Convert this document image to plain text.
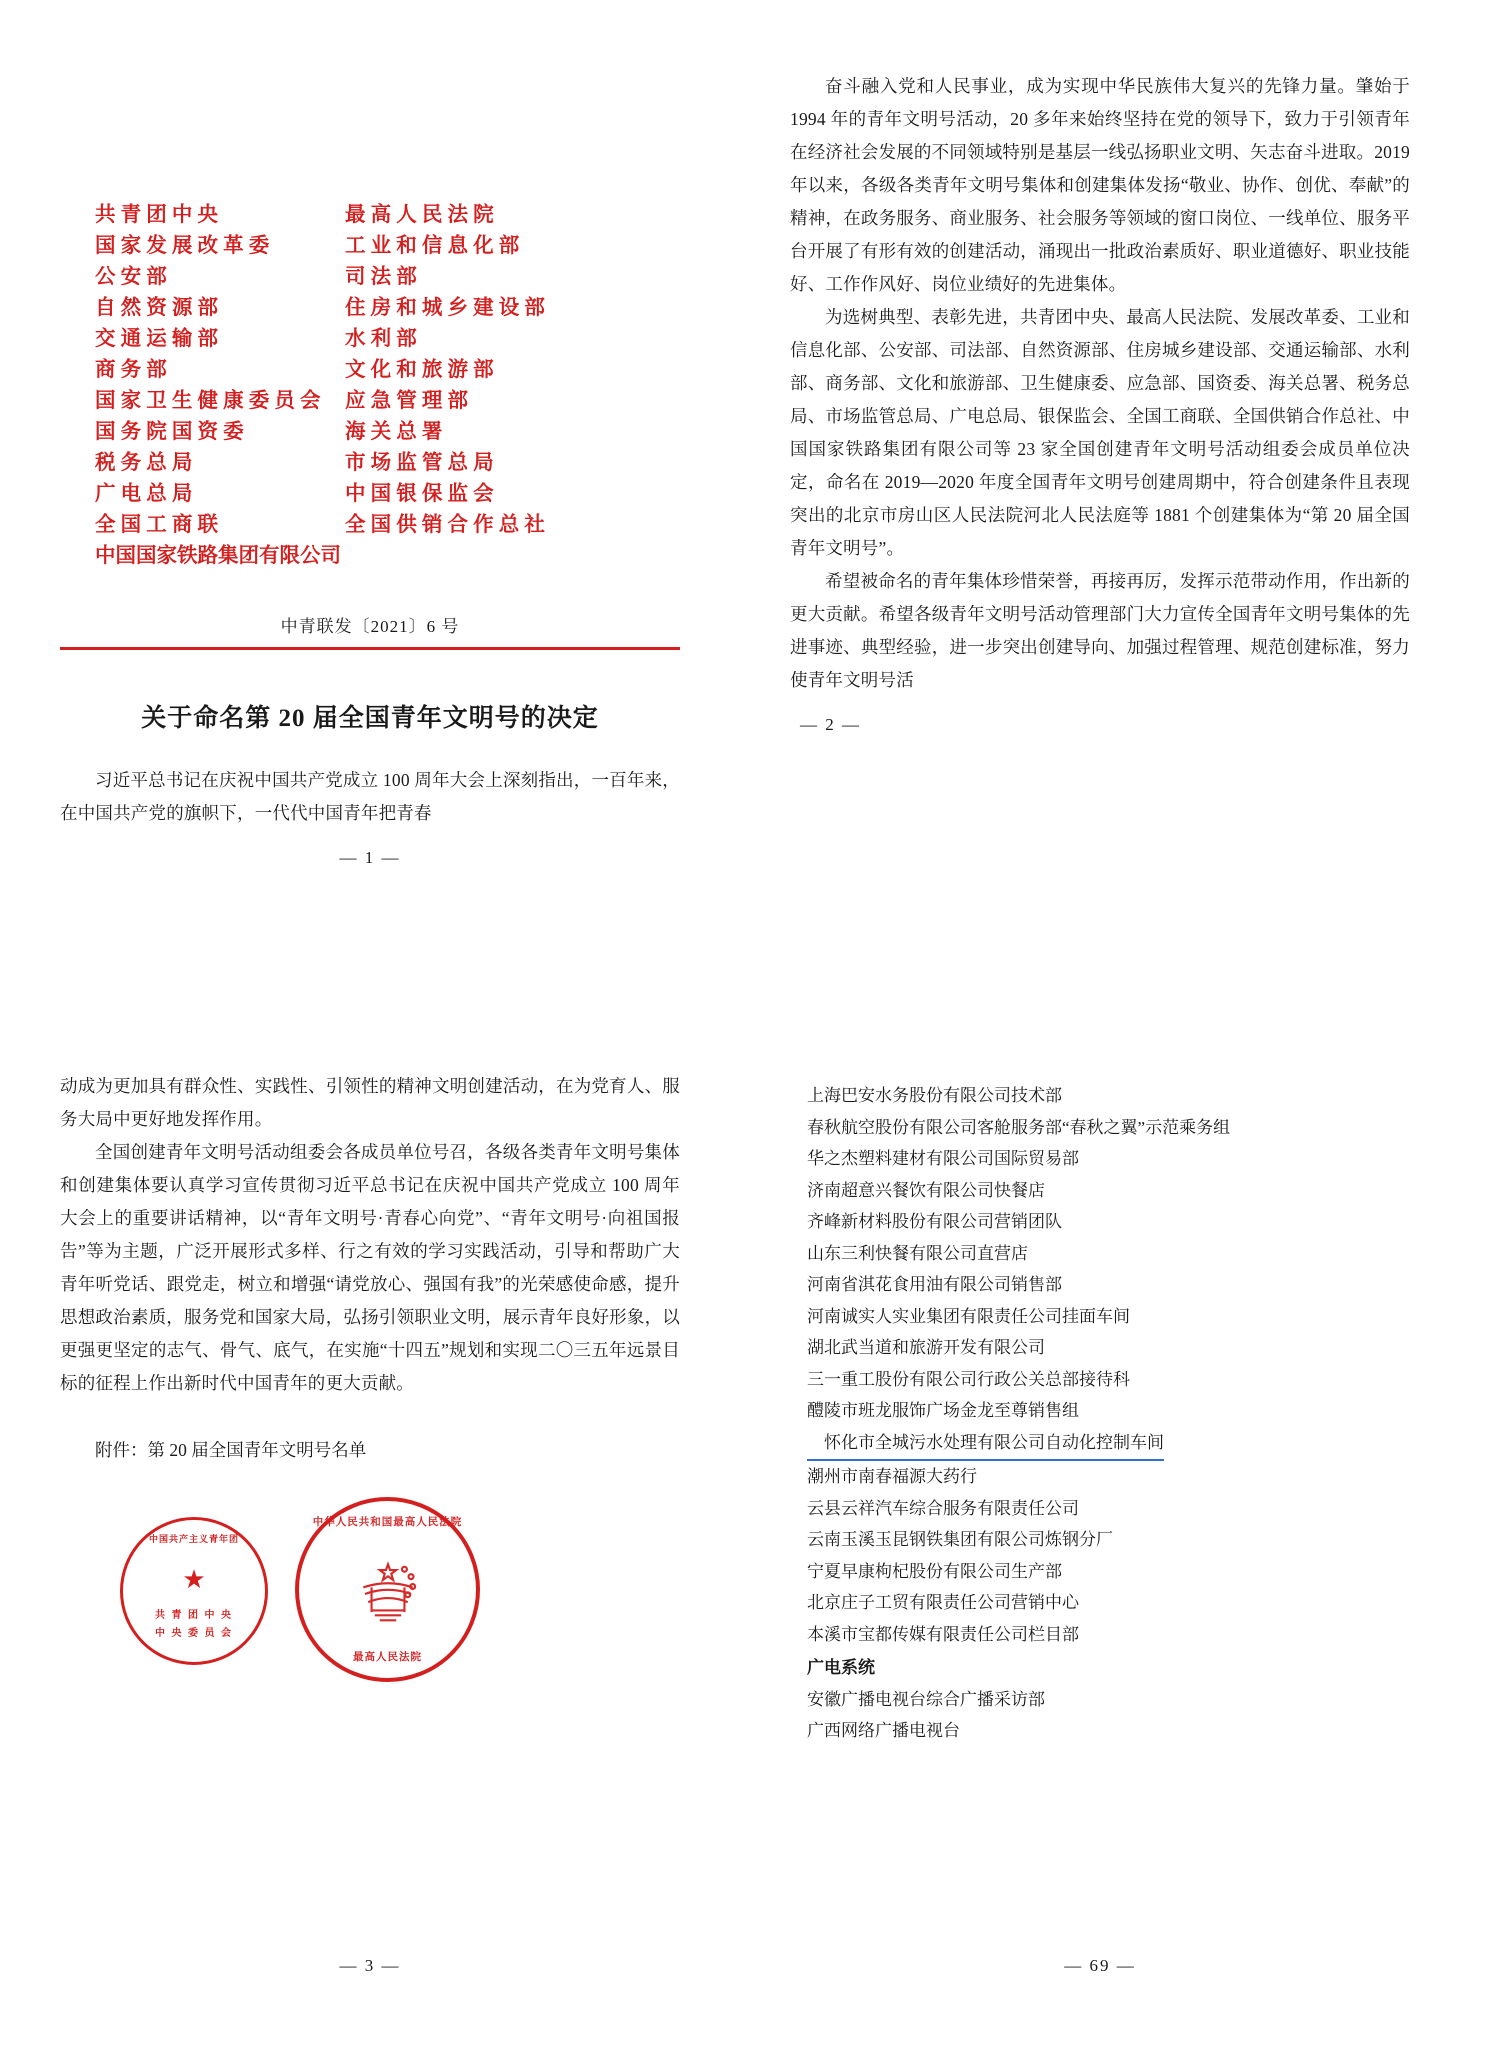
共 青 团 中 央	最 高 人 民 法 院
国 家 发 展 改 革 委	工 业 和 信 息 化 部
公 安 部	司 法 部
自 然 资 源 部	住 房 和 城 乡 建 设 部
交 通 运 输 部	水 利 部
商 务 部	文 化 和 旅 游 部
国 家 卫 生 健 康 委 员 会	应 急 管 理 部
国 务 院 国 资 委	海 关 总 署
税 务 总 局	市 场 监 管 总 局
广 电 总 局	中 国 银 保 监 会
全 国 工 商 联	全 国 供 销 合 作 总 社
中国国家铁路集团有限公司
中青联发〔2021〕6 号
关于命名第 20 届全国青年文明号的决定

习近平总书记在庆祝中国共产党成立 100 周年大会上深刻指出，一百年来，在中国共产党的旗帜下，一代代中国青年把青春

— 1 —

奋斗融入党和人民事业，成为实现中华民族伟大复兴的先锋力量。肇始于 1994 年的青年文明号活动，20 多年来始终坚持在党的领导下，致力于引领青年在经济社会发展的不同领域特别是基层一线弘扬职业文明、矢志奋斗进取。2019 年以来，各级各类青年文明号集体和创建集体发扬“敬业、协作、创优、奉献”的精神，在政务服务、商业服务、社会服务等领域的窗口岗位、一线单位、服务平台开展了有形有效的创建活动，涌现出一批政治素质好、职业道德好、职业技能好、工作作风好、岗位业绩好的先进集体。

为选树典型、表彰先进，共青团中央、最高人民法院、发展改革委、工业和信息化部、公安部、司法部、自然资源部、住房城乡建设部、交通运输部、水利部、商务部、文化和旅游部、卫生健康委、应急部、国资委、海关总署、税务总局、市场监管总局、广电总局、银保监会、全国工商联、全国供销合作总社、中国国家铁路集团有限公司等 23 家全国创建青年文明号活动组委会成员单位决定，命名在 2019—2020 年度全国青年文明号创建周期中，符合创建条件且表现突出的北京市房山区人民法院河北人民法庭等 1881 个创建集体为“第 20 届全国青年文明号”。

希望被命名的青年集体珍惜荣誉，再接再厉，发挥示范带动作用，作出新的更大贡献。希望各级青年文明号活动管理部门大力宣传全国青年文明号集体的先进事迹、典型经验，进一步突出创建导向、加强过程管理、规范创建标准，努力使青年文明号活

— 2 —

动成为更加具有群众性、实践性、引领性的精神文明创建活动，在为党育人、服务大局中更好地发挥作用。

全国创建青年文明号活动组委会各成员单位号召，各级各类青年文明号集体和创建集体要认真学习宣传贯彻习近平总书记在庆祝中国共产党成立 100 周年大会上的重要讲话精神，以“青年文明号·青春心向党”、“青年文明号·向祖国报告”等为主题，广泛开展形式多样、行之有效的学习实践活动，引导和帮助广大青年听党话、跟党走，树立和增强“请党放心、强国有我”的光荣感使命感，提升思想政治素质，服务党和国家大局，弘扬引领职业文明，展示青年良好形象，以更强更坚定的志气、骨气、底气，在实施“十四五”规划和实现二〇三五年远景目标的征程上作出新时代中国青年的更大贡献。

附件：第 20 届全国青年文明号名单
中国共产主义青年团
★
共 青 团 中 央
中 央 委 员 会
中华人民共和国最高人民法院
最高人民法院
— 3 —
上海巴安水务股份有限公司技术部
春秋航空股份有限公司客舱服务部“春秋之翼”示范乘务组
华之杰塑料建材有限公司国际贸易部
济南超意兴餐饮有限公司快餐店
齐峰新材料股份有限公司营销团队
山东三利快餐有限公司直营店
河南省淇花食用油有限公司销售部
河南诚实人实业集团有限责任公司挂面车间
湖北武当道和旅游开发有限公司
三一重工股份有限公司行政公关总部接待科
醴陵市班龙服饰广场金龙至尊销售组
怀化市全城污水处理有限公司自动化控制车间
潮州市南春福源大药行
云县云祥汽车综合服务有限责任公司
云南玉溪玉昆钢铁集团有限公司炼钢分厂
宁夏早康枸杞股份有限公司生产部
北京庄子工贸有限责任公司营销中心
本溪市宝都传媒有限责任公司栏目部
广电系统
安徽广播电视台综合广播采访部
广西网络广播电视台
— 69 —
